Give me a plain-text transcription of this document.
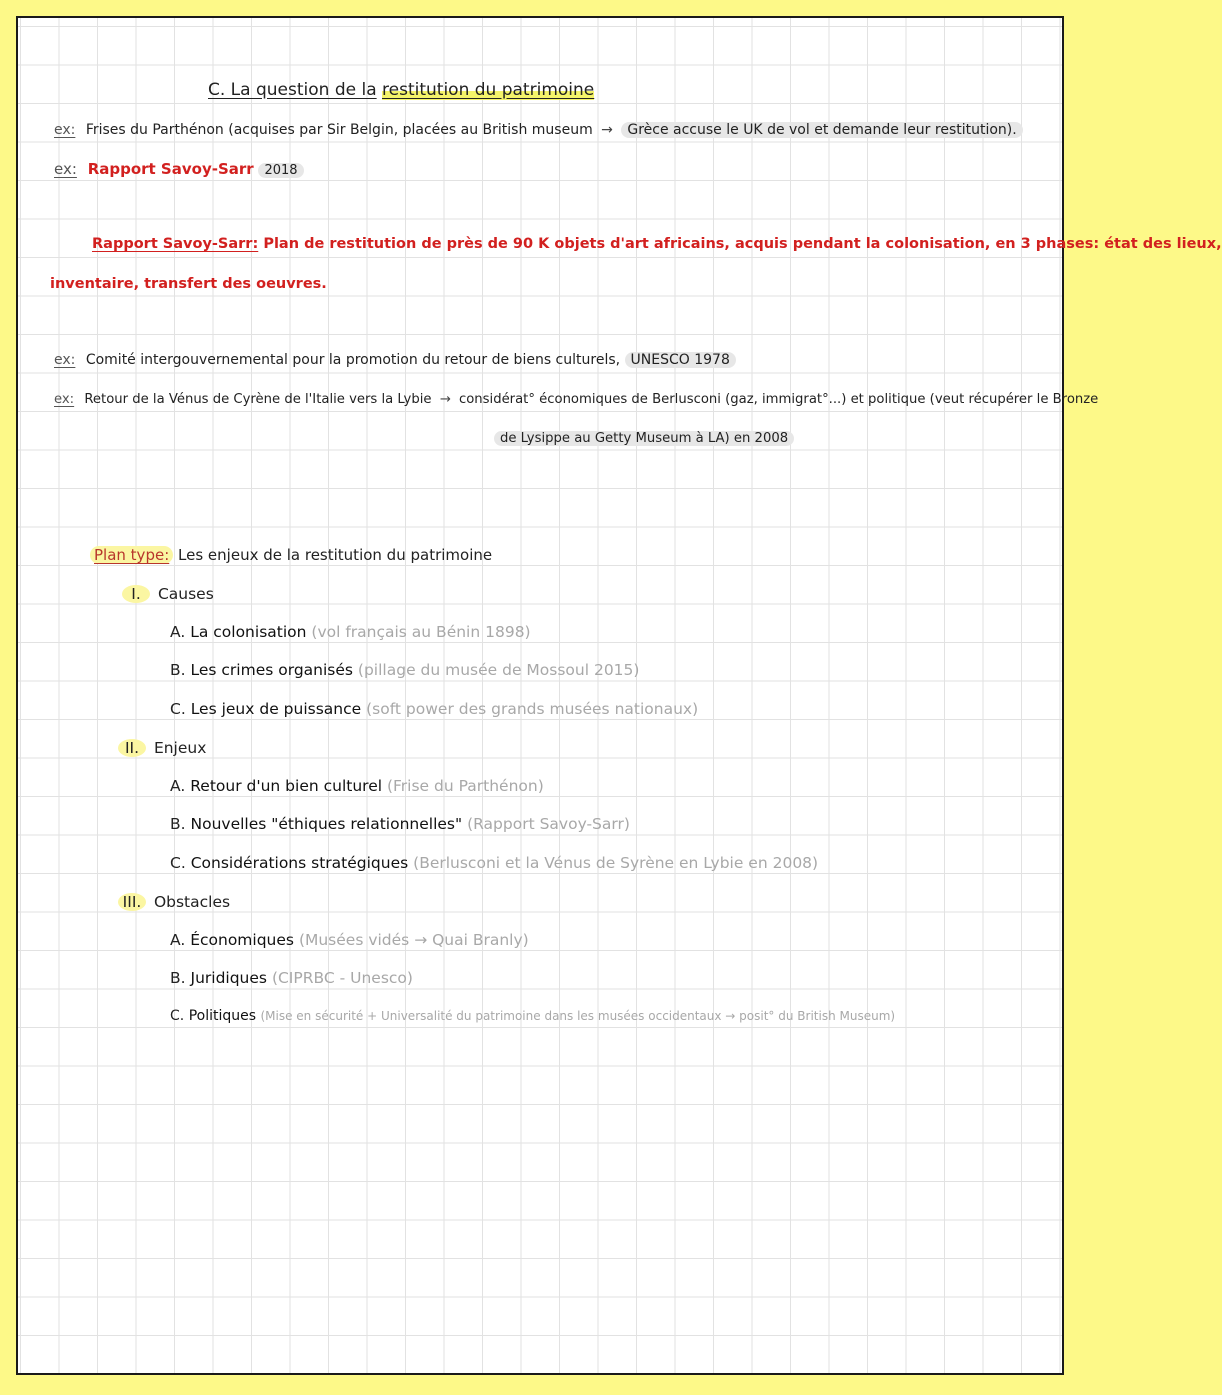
C. La question de la restitution du patrimoine
ex: Frises du Parthénon (acquises par Sir Belgin, placées au British museum → Grèce accuse le UK de vol et demande leur restitution).
ex: Rapport Savoy-Sarr 2018
Rapport Savoy-Sarr: Plan de restitution de près de 90 K objets d'art africains, acquis pendant la colonisation, en 3 phases: état des lieux,
inventaire, transfert des oeuvres.
ex: Comité intergouvernemental pour la promotion du retour de biens culturels, UNESCO 1978
ex: Retour de la Vénus de Cyrène de l'Italie vers la Lybie → considérat° économiques de Berlusconi (gaz, immigrat°...) et politique (veut récupérer le Bronze
de Lysippe au Getty Museum à LA) en 2008
Plan type: Les enjeux de la restitution du patrimoine
I. Causes
A. La colonisation (vol français au Bénin 1898)
B. Les crimes organisés (pillage du musée de Mossoul 2015)
C. Les jeux de puissance (soft power des grands musées nationaux)
II. Enjeux
A. Retour d'un bien culturel (Frise du Parthénon)
B. Nouvelles "éthiques relationnelles" (Rapport Savoy-Sarr)
C. Considérations stratégiques (Berlusconi et la Vénus de Syrène en Lybie en 2008)
III. Obstacles
A. Économiques (Musées vidés → Quai Branly)
B. Juridiques (CIPRBC - Unesco)
C. Politiques (Mise en sécurité + Universalité du patrimoine dans les musées occidentaux → posit° du British Museum)
